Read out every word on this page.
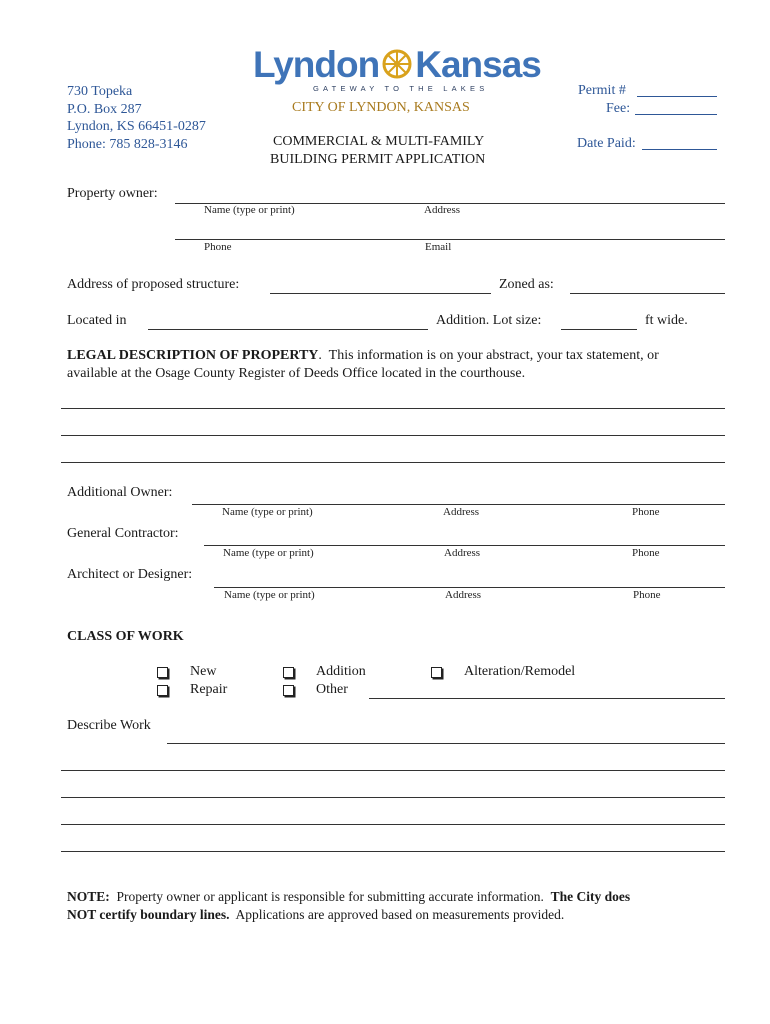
730 Topeka
P.O. Box 287
Lyndon, KS 66451-0287
Phone: 785 828-3146
Lyndon Kansas
GATEWAY TO THE LAKES
CITY OF LYNDON, KANSAS
COMMERCIAL & MULTI-FAMILY
BUILDING PERMIT APPLICATION
Permit #
Fee:
Date Paid:
Property owner:
Name (type or print)	Address
Phone	Email
Address of proposed structure:	Zoned as:
Located in	Addition. Lot size:	ft wide.
LEGAL DESCRIPTION OF PROPERTY.  This information is on your abstract, your tax statement, or
available at the Osage County Register of Deeds Office located in the courthouse.
Additional Owner:
Name (type or print)	Address	Phone
General Contractor:
Name (type or print)	Address	Phone
Architect or Designer:
Name (type or print)	Address	Phone
CLASS OF WORK
New	Addition	Alteration/Remodel
Repair	Other
Describe Work
NOTE: Property owner or applicant is responsible for submitting accurate information. The City does
NOT certify boundary lines. Applications are approved based on measurements provided.
